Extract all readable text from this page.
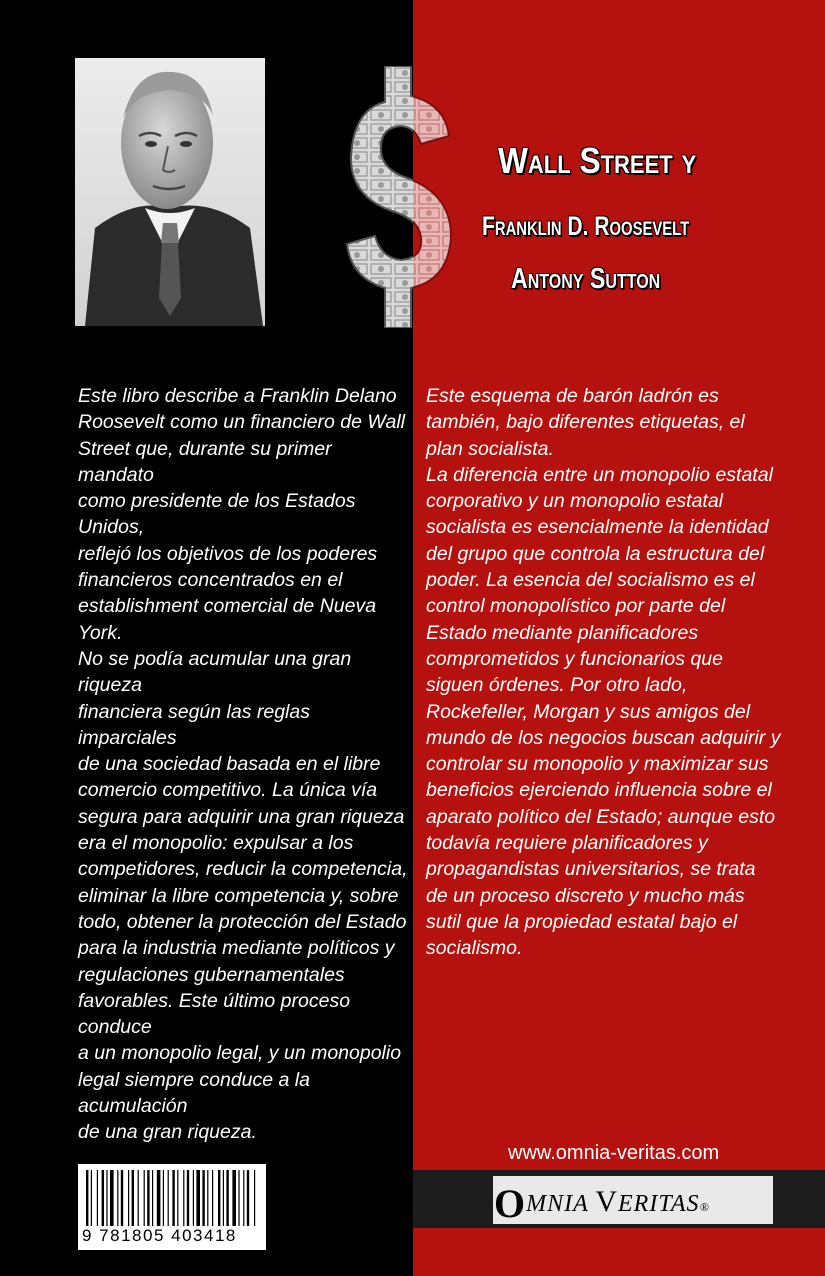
Wall Street y
Franklin D. Roosevelt
Antony Sutton
Este libro describe a Franklin Delano
Roosevelt como un financiero de Wall
Street que, durante su primer mandato
como presidente de los Estados Unidos,
reflejó los objetivos de los poderes
financieros concentrados en el
establishment comercial de Nueva York.
No se podía acumular una gran riqueza
financiera según las reglas imparciales
de una sociedad basada en el libre
comercio competitivo. La única vía
segura para adquirir una gran riqueza
era el monopolio: expulsar a los
competidores, reducir la competencia,
eliminar la libre competencia y, sobre
todo, obtener la protección del Estado
para la industria mediante políticos y
regulaciones gubernamentales
favorables. Este último proceso conduce
a un monopolio legal, y un monopolio
legal siempre conduce a la acumulación
de una gran riqueza.
Este esquema de barón ladrón es
también, bajo diferentes etiquetas, el
plan socialista.
La diferencia entre un monopolio estatal
corporativo y un monopolio estatal
socialista es esencialmente la identidad
del grupo que controla la estructura del
poder. La esencia del socialismo es el
control monopolístico por parte del
Estado mediante planificadores
comprometidos y funcionarios que
siguen órdenes. Por otro lado,
Rockefeller, Morgan y sus amigos del
mundo de los negocios buscan adquirir y
controlar su monopolio y maximizar sus
beneficios ejerciendo influencia sobre el
aparato político del Estado; aunque esto
todavía requiere planificadores y
propagandistas universitarios, se trata
de un proceso discreto y mucho más
sutil que la propiedad estatal bajo el
socialismo.
www.omnia-veritas.com
OMNIA VERITAS®
9 781805 403418
